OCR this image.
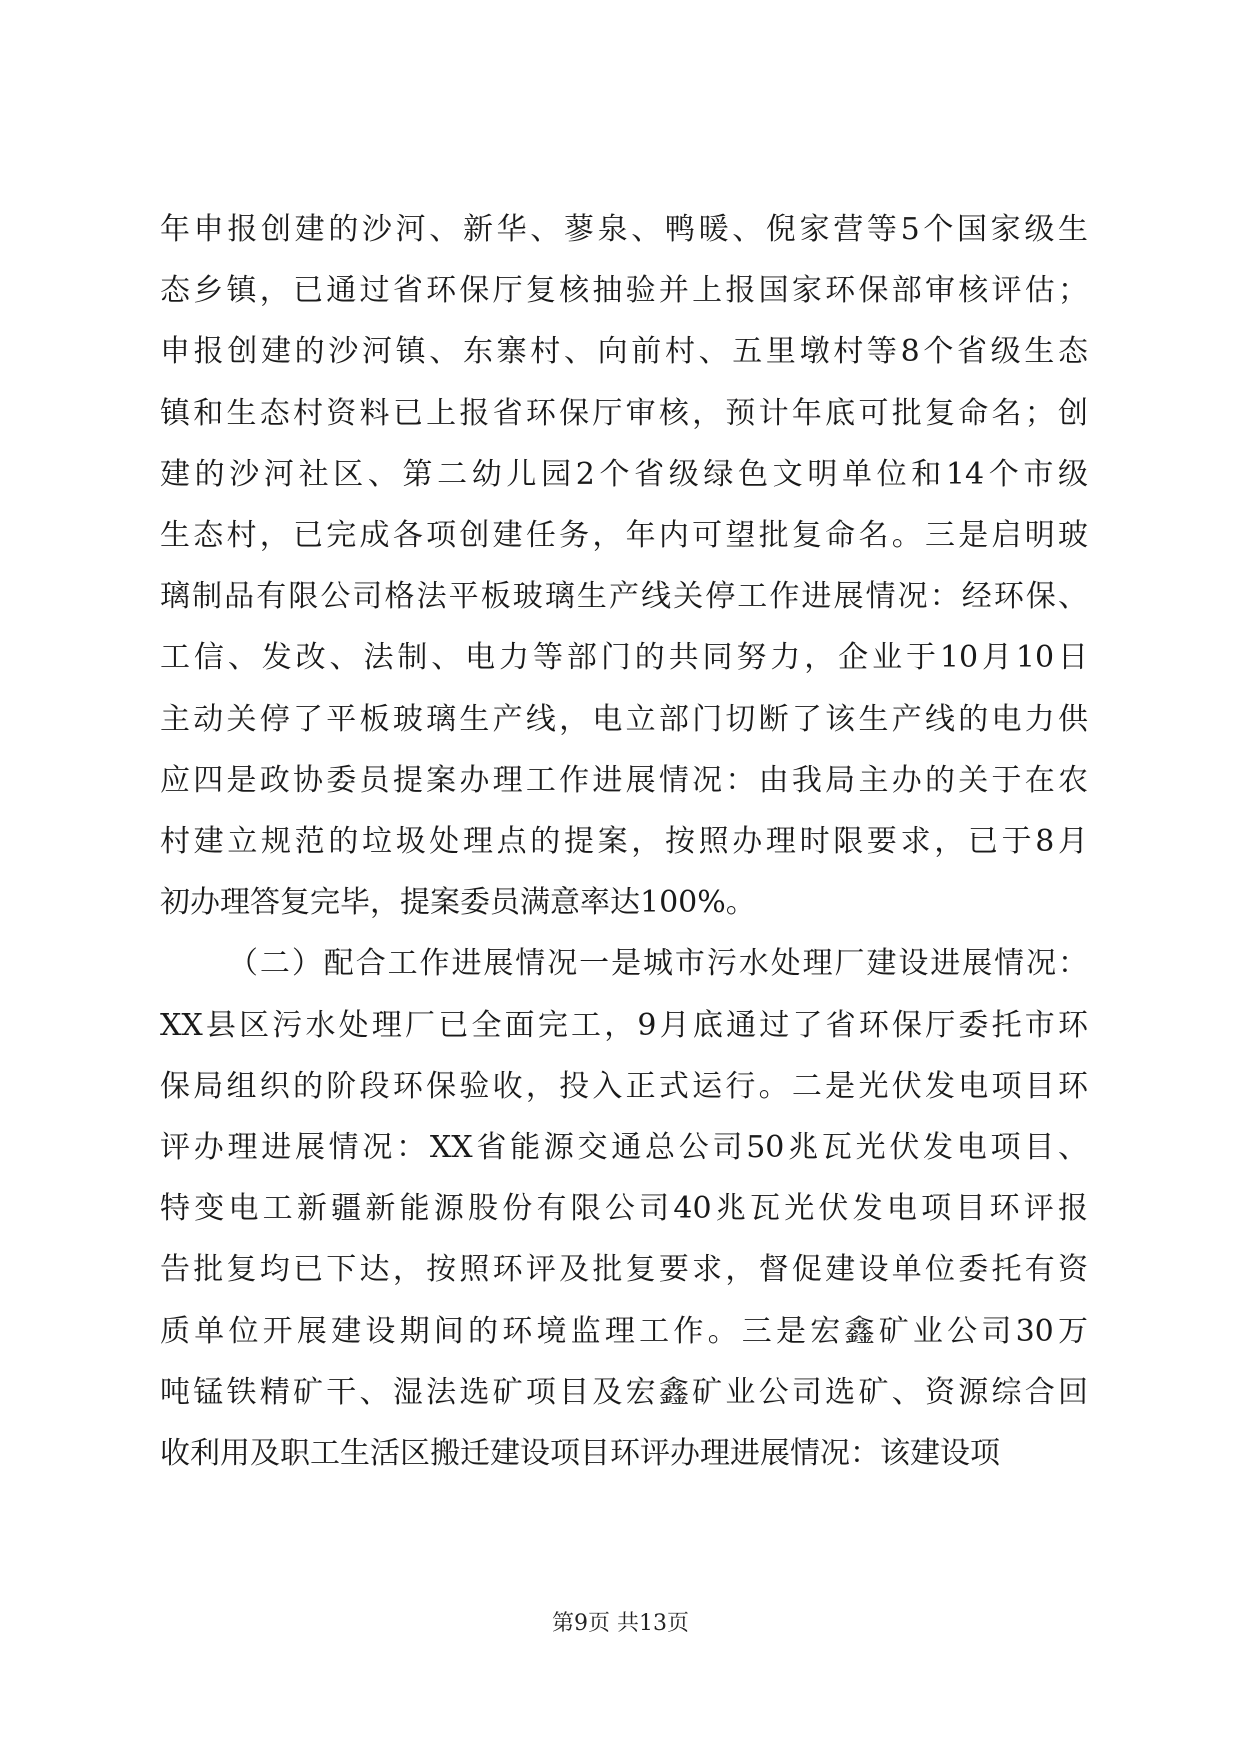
年申报创建的沙河、新华、蓼泉、鸭暖、倪家营等5个国家级生
态乡镇，已通过省环保厅复核抽验并上报国家环保部审核评估；
申报创建的沙河镇、东寨村、向前村、五里墩村等8个省级生态
镇和生态村资料已上报省环保厅审核，预计年底可批复命名；创
建的沙河社区、第二幼儿园2个省级绿色文明单位和14个市级
生态村，已完成各项创建任务，年内可望批复命名。三是启明玻
璃制品有限公司格法平板玻璃生产线关停工作进展情况：经环保、
工信、发改、法制、电力等部门的共同努力，企业于10月10日
主动关停了平板玻璃生产线，电立部门切断了该生产线的电力供
应四是政协委员提案办理工作进展情况：由我局主办的关于在农
村建立规范的垃圾处理点的提案，按照办理时限要求，已于8月
初办理答复完毕，提案委员满意率达100%。
（二）配合工作进展情况一是城市污水处理厂建设进展情况：
XX县区污水处理厂已全面完工，9月底通过了省环保厅委托市环
保局组织的阶段环保验收，投入正式运行。二是光伏发电项目环
评办理进展情况：XX省能源交通总公司50兆瓦光伏发电项目、
特变电工新疆新能源股份有限公司40兆瓦光伏发电项目环评报
告批复均已下达，按照环评及批复要求，督促建设单位委托有资
质单位开展建设期间的环境监理工作。三是宏鑫矿业公司30万
吨锰铁精矿干、湿法选矿项目及宏鑫矿业公司选矿、资源综合回
收利用及职工生活区搬迁建设项目环评办理进展情况：该建设项
第9页 共13页
